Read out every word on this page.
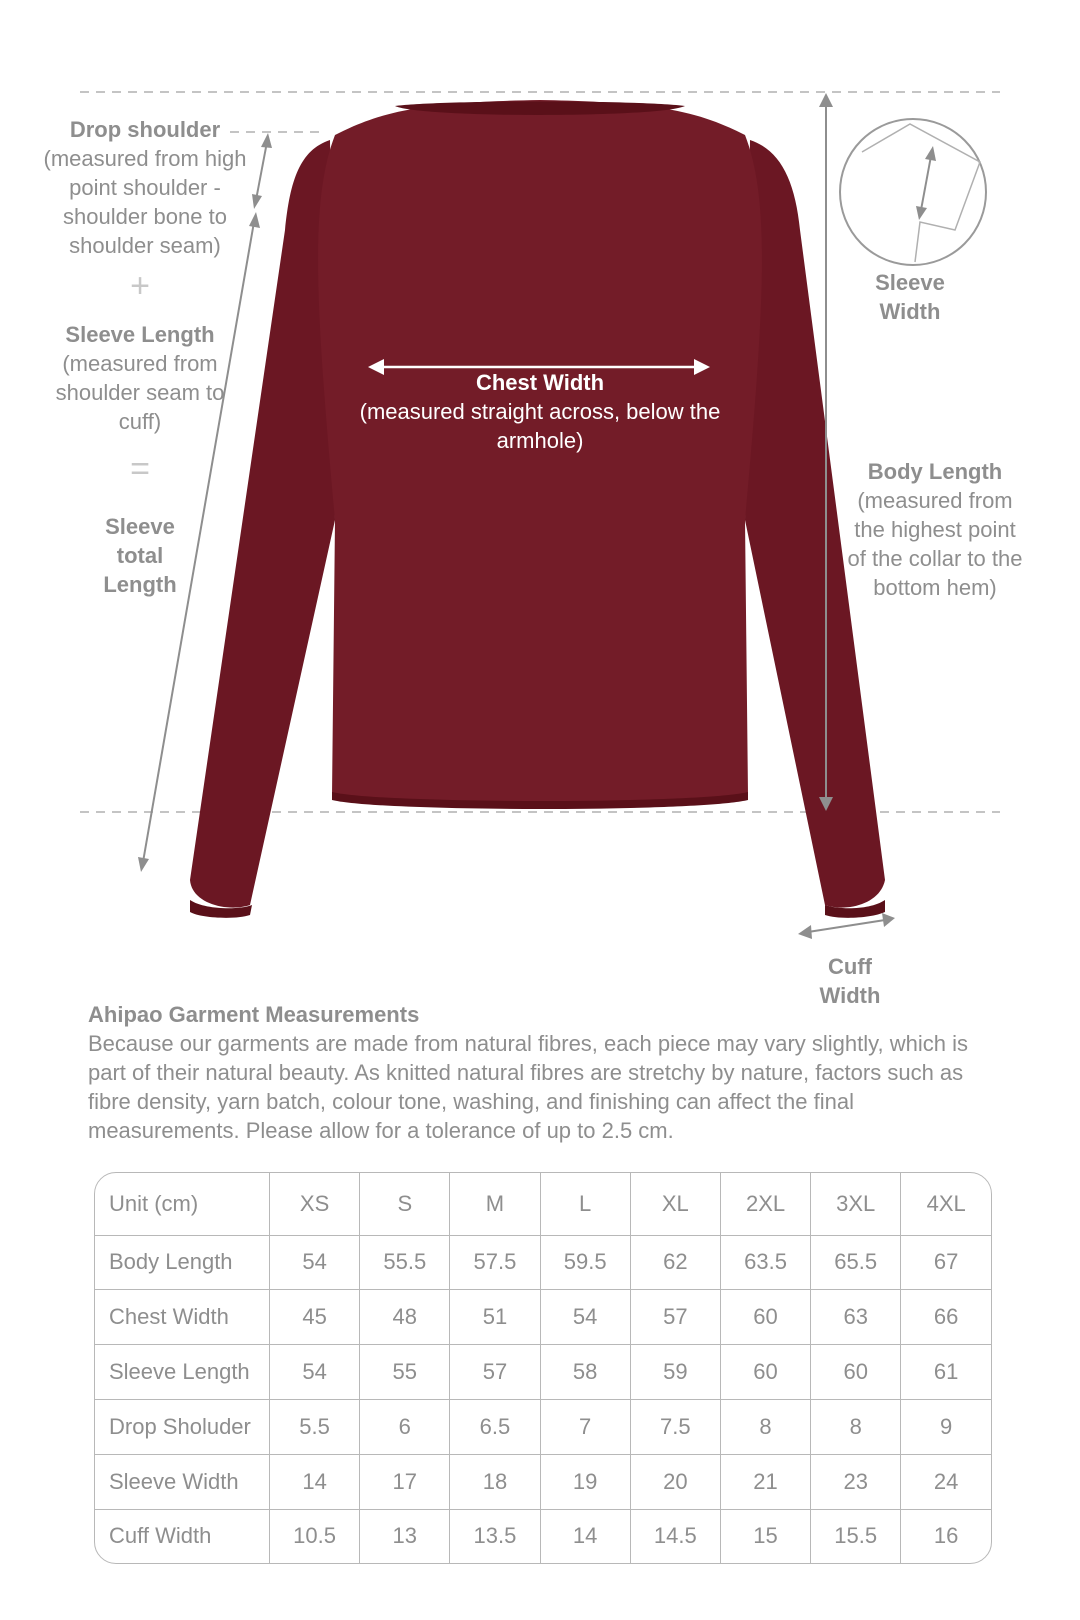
Drop shoulder
(measured from high point shoulder - shoulder bone to shoulder seam)
+
Sleeve Length
(measured from shoulder seam to cuff)
=
Sleeve total Length
Chest Width
(measured straight across, below the armhole)
Sleeve Width
Body Length
(measured from the highest point of the collar to the bottom hem)
Cuff Width
Ahipao Garment Measurements
Because our garments are made from natural fibres, each piece may vary slightly, which is part of their natural beauty. As knitted natural fibres are stretchy by nature, factors such as fibre density, yarn batch, colour tone, washing, and finishing can affect the final measurements. Please allow for a tolerance of up to 2.5 cm.
Unit (cm)	XS	S	M	L	XL	2XL	3XL	4XL
Body Length	54	55.5	57.5	59.5	62	63.5	65.5	67
Chest Width	45	48	51	54	57	60	63	66
Sleeve Length	54	55	57	58	59	60	60	61
Drop Sholuder	5.5	6	6.5	7	7.5	8	8	9
Sleeve Width	14	17	18	19	20	21	23	24
Cuff Width	10.5	13	13.5	14	14.5	15	15.5	16
